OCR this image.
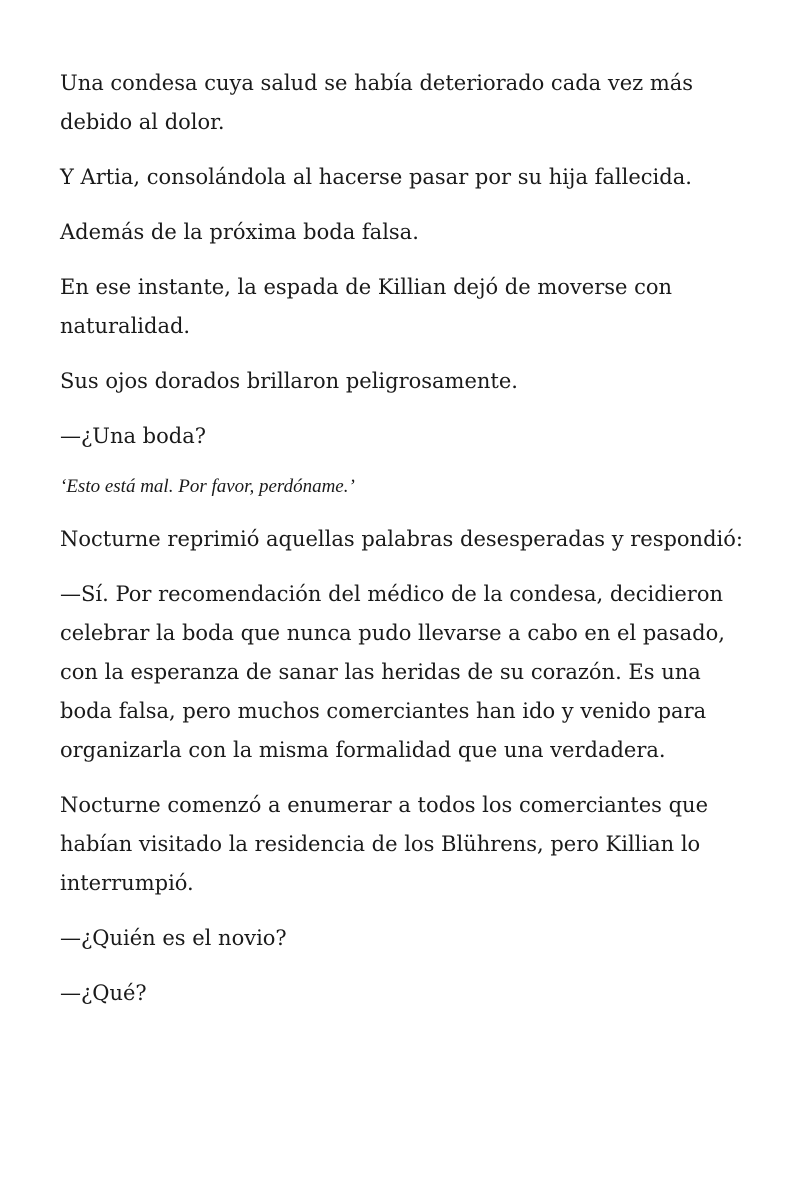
Una condesa cuya salud se había deteriorado cada vez más debido al dolor.

Y Artia, consolándola al hacerse pasar por su hija fallecida.

Además de la próxima boda falsa.

En ese instante, la espada de Killian dejó de moverse con naturalidad.

Sus ojos dorados brillaron peligrosamente.

—¿Una boda?

‘Esto está mal. Por favor, perdóname.’

Nocturne reprimió aquellas palabras desesperadas y respondió:

—Sí. Por recomendación del médico de la condesa, decidieron celebrar la boda que nunca pudo llevarse a cabo en el pasado, con la esperanza de sanar las heridas de su corazón. Es una boda falsa, pero muchos comerciantes han ido y venido para organizarla con la misma formalidad que una verdadera.

Nocturne comenzó a enumerar a todos los comerciantes que habían visitado la residencia de los Blührens, pero Killian lo interrumpió.

—¿Quién es el novio?

—¿Qué?
